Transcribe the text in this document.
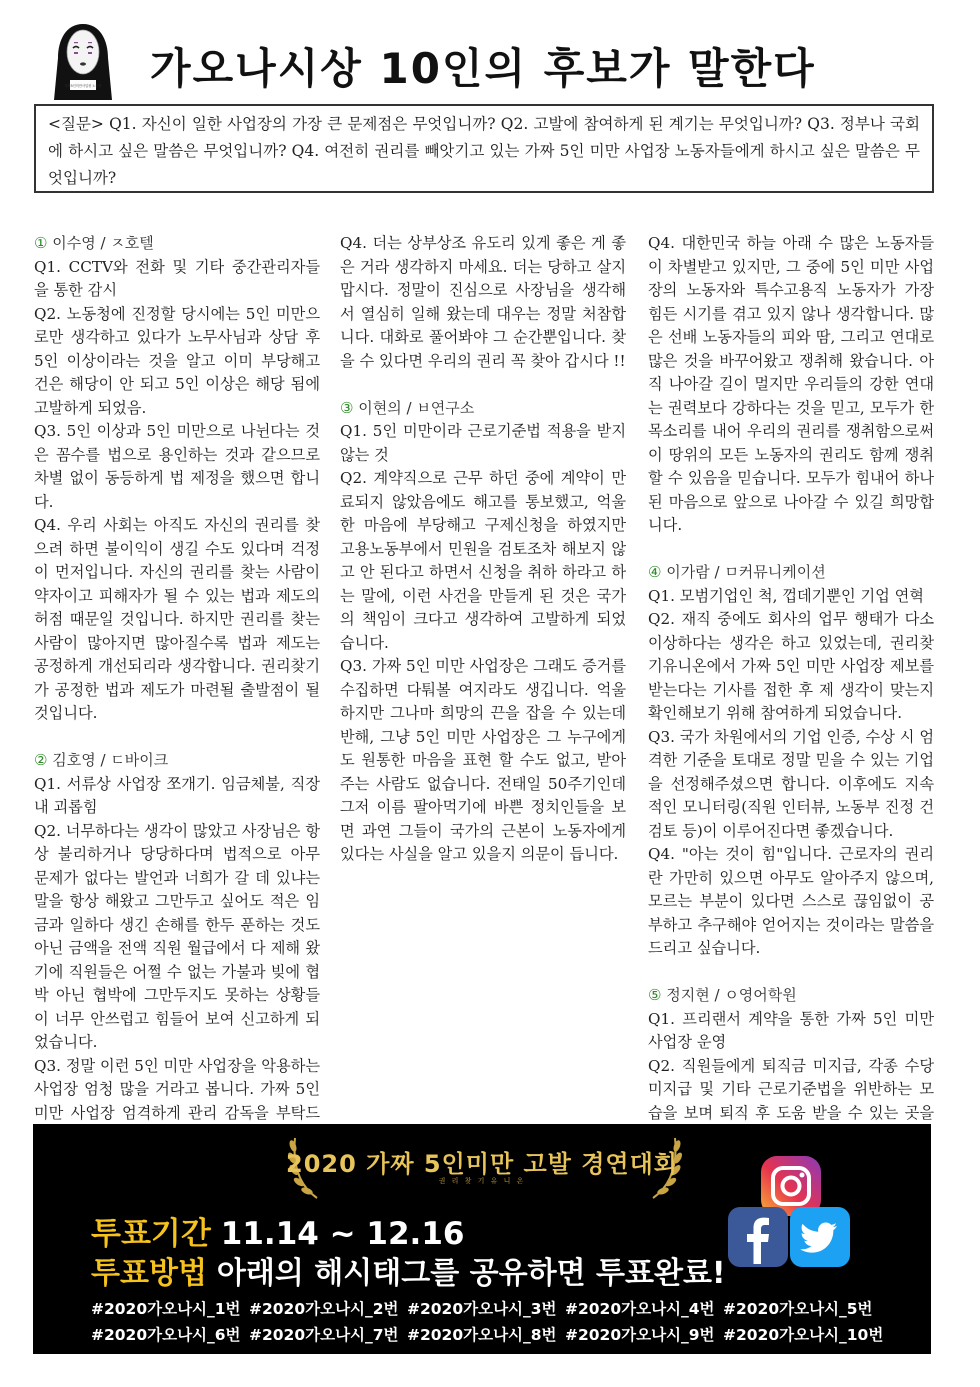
가짜5인미만사업장 노동자 가오나시상 10인의 후보가 말한다
<질문> Q1. 자신이 일한 사업장의 가장 큰 문제점은 무엇입니까? Q2. 고발에 참여하게 된 계기는 무엇입니까? Q3. 정부나 국회에 하시고 싶은 말씀은 무엇입니까? Q4. 여전히 권리를 빼앗기고 있는 가짜 5인 미만 사업장 노동자들에게 하시고 싶은 말씀은 무엇입니까?

① 이수영 / ㅈ호텔

Q1. CCTV와 전화 및 기타 중간관리자들을 통한 감시

Q2. 노동청에 진정할 당시에는 5인 미만으로만 생각하고 있다가 노무사님과 상담 후 5인 이상이라는 것을 알고 이미 부당해고 건은 해당이 안 되고 5인 이상은 해당 됨에 고발하게 되었음.

Q3. 5인 이상과 5인 미만으로 나뉜다는 것은 꼼수를 법으로 용인하는 것과 같으므로 차별 없이 동등하게 법 제정을 했으면 합니다.

Q4. 우리 사회는 아직도 자신의 권리를 찾으려 하면 불이익이 생길 수도 있다며 걱정이 먼저입니다. 자신의 권리를 찾는 사람이 약자이고 피해자가 될 수 있는 법과 제도의 허점 때문일 것입니다. 하지만 권리를 찾는 사람이 많아지면 많아질수록 법과 제도는 공정하게 개선되리라 생각합니다. 권리찾기가 공정한 법과 제도가 마련될 출발점이 될 것입니다.

② 김호영 / ㄷ바이크

Q1. 서류상 사업장 쪼개기. 임금체불, 직장 내 괴롭힘

Q2. 너무하다는 생각이 많았고 사장님은 항상 불리하거나 당당하다며 법적으로 아무 문제가 없다는 발언과 너희가 갈 데 있냐는 말을 항상 해왔고 그만두고 싶어도 적은 임금과 일하다 생긴 손해를 한두 푼하는 것도 아닌 금액을 전액 직원 월급에서 다 제해 왔기에 직원들은 어쩔 수 없는 가불과 빚에 협박 아닌 협박에 그만두지도 못하는 상황들이 너무 안쓰럽고 힘들어 보여 신고하게 되었습니다.

Q3. 정말 이런 5인 미만 사업장을 악용하는 사업장 엄청 많을 거라고 봅니다. 가짜 5인 미만 사업장 엄격하게 관리 감독을 부탁드

Q4. 더는 상부상조 유도리 있게 좋은 게 좋은 거라 생각하지 마세요. 더는 당하고 살지 맙시다. 정말이 진심으로 사장님을 생각해서 열심히 일해 왔는데 대우는 정말 처참합니다. 대화로 풀어봐야 그 순간뿐입니다. 찾을 수 있다면 우리의 권리 꼭 찾아 갑시다 !!

③ 이현의 / ㅂ연구소

Q1. 5인 미만이라 근로기준법 적용을 받지 않는 것

Q2. 계약직으로 근무 하던 중에 계약이 만료되지 않았음에도 해고를 통보했고, 억울한 마음에 부당해고 구제신청을 하였지만 고용노동부에서 민원을 검토조차 해보지 않고 안 된다고 하면서 신청을 취하 하라고 하는 말에, 이런 사건을 만들게 된 것은 국가의 책임이 크다고 생각하여 고발하게 되었습니다.

Q3. 가짜 5인 미만 사업장은 그래도 증거를 수집하면 다퉈볼 여지라도 생깁니다. 억울하지만 그나마 희망의 끈을 잡을 수 있는데 반해, 그냥 5인 미만 사업장은 그 누구에게도 원통한 마음을 표현 할 수도 없고, 받아주는 사람도 없습니다. 전태일 50주기인데 그저 이름 팔아먹기에 바쁜 정치인들을 보면 과연 그들이 국가의 근본이 노동자에게 있다는 사실을 알고 있을지 의문이 듭니다.

Q4. 대한민국 하늘 아래 수 많은 노동자들이 차별받고 있지만, 그 중에 5인 미만 사업장의 노동자와 특수고용직 노동자가 가장 힘든 시기를 겪고 있지 않나 생각합니다. 많은 선배 노동자들의 피와 땀, 그리고 연대로 많은 것을 바꾸어왔고 쟁취해 왔습니다. 아직 나아갈 길이 멀지만 우리들의 강한 연대는 권력보다 강하다는 것을 믿고, 모두가 한 목소리를 내어 우리의 권리를 쟁취함으로써 이 땅위의 모든 노동자의 권리도 함께 쟁취 할 수 있음을 믿습니다. 모두가 힘내어 하나 된 마음으로 앞으로 나아갈 수 있길 희망합니다.

④ 이가람 / ㅁ커뮤니케이션

Q1. 모범기업인 척, 껍데기뿐인 기업 연혁

Q2. 재직 중에도 회사의 업무 행태가 다소 이상하다는 생각은 하고 있었는데, 권리찾기유니온에서 가짜 5인 미만 사업장 제보를 받는다는 기사를 접한 후 제 생각이 맞는지 확인해보기 위해 참여하게 되었습니다.

Q3. 국가 차원에서의 기업 인증, 수상 시 엄격한 기준을 토대로 정말 믿을 수 있는 기업을 선정해주셨으면 합니다. 이후에도 지속적인 모니터링(직원 인터뷰, 노동부 진정 건 검토 등)이 이루어진다면 좋겠습니다.

Q4. "아는 것이 힘"입니다. 근로자의 권리란 가만히 있으면 아무도 알아주지 않으며, 모르는 부분이 있다면 스스로 끊임없이 공부하고 추구해야 얻어지는 것이라는 말씀을 드리고 싶습니다.

⑤ 정지현 / ㅇ영어학원

Q1. 프리랜서 계약을 통한 가짜 5인 미만 사업장 운영

Q2. 직원들에게 퇴직금 미지급, 각종 수당 미지급 및 기타 근로기준법을 위반하는 모습을 보며 퇴직 후 도움 받을 수 있는 곳을

2020 가짜 5인미만 고발 경연대회
권 리 찾 기 유 니 온
투표기간 11.14 ~ 12.16
투표방법 아래의 해시태그를 공유하면 투표완료!
#2020가오나시_1번 #2020가오나시_2번 #2020가오나시_3번 #2020가오나시_4번 #2020가오나시_5번
#2020가오나시_6번 #2020가오나시_7번 #2020가오나시_8번 #2020가오나시_9번 #2020가오나시_10번
